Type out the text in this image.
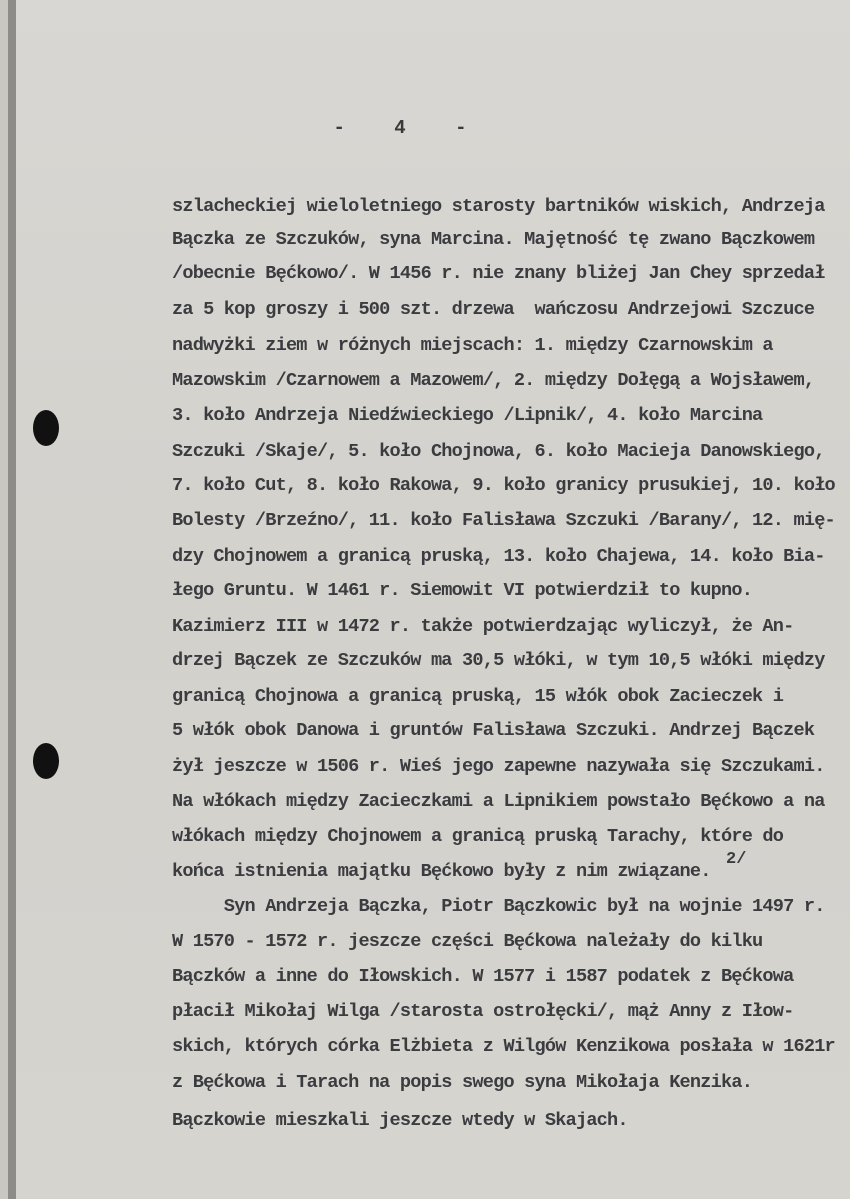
- 4 -
szlacheckiej wieloletniego starosty bartników wiskich, Andrzeja
Bączka ze Szczuków, syna Marcina. Majętność tę zwano Bączkowem
/obecnie Bęćkowo/. W 1456 r. nie znany bliżej Jan Chey sprzedał
za 5 kop groszy i 500 szt. drzewa  wańczosu Andrzejowi Szczuce
nadwyżki ziem w różnych miejscach: 1. między Czarnowskim a
Mazowskim /Czarnowem a Mazowem/, 2. między Dołęgą a Wojsławem,
3. koło Andrzeja Niedźwieckiego /Lipnik/, 4. koło Marcina
Szczuki /Skaje/, 5. koło Chojnowa, 6. koło Macieja Danowskiego,
7. koło Cut, 8. koło Rakowa, 9. koło granicy prusukiej, 10. koło
Bolesty /Brzeźno/, 11. koło Falisława Szczuki /Barany/, 12. mię-
dzy Chojnowem a granicą pruską, 13. koło Chajewa, 14. koło Bia-
łego Gruntu. W 1461 r. Siemowit VI potwierdził to kupno.
Kazimierz III w 1472 r. także potwierdzając wyliczył, że An-
drzej Bączek ze Szczuków ma 30,5 włóki, w tym 10,5 włóki między
granicą Chojnowa a granicą pruską, 15 włók obok Zacieczek i
5 włók obok Danowa i gruntów Falisława Szczuki. Andrzej Bączek
żył jeszcze w 1506 r. Wieś jego zapewne nazywała się Szczukami.
Na włókach między Zacieczkami a Lipnikiem powstało Bęćkowo a na
włókach między Chojnowem a granicą pruską Tarachy, które do
końca istnienia majątku Bęćkowo były z nim związane.
Syn Andrzeja Bączka, Piotr Bączkowic był na wojnie 1497 r.
W 1570 - 1572 r. jeszcze części Bęćkowa należały do kilku
Bączków a inne do Iłowskich. W 1577 i 1587 podatek z Bęćkowa
płacił Mikołaj Wilga /starosta ostrołęcki/, mąż Anny z Iłow-
skich, których córka Elżbieta z Wilgów Kenzikowa posłała w 1621r
z Bęćkowa i Tarach na popis swego syna Mikołaja Kenzika.
Bączkowie mieszkali jeszcze wtedy w Skajach.
2/
